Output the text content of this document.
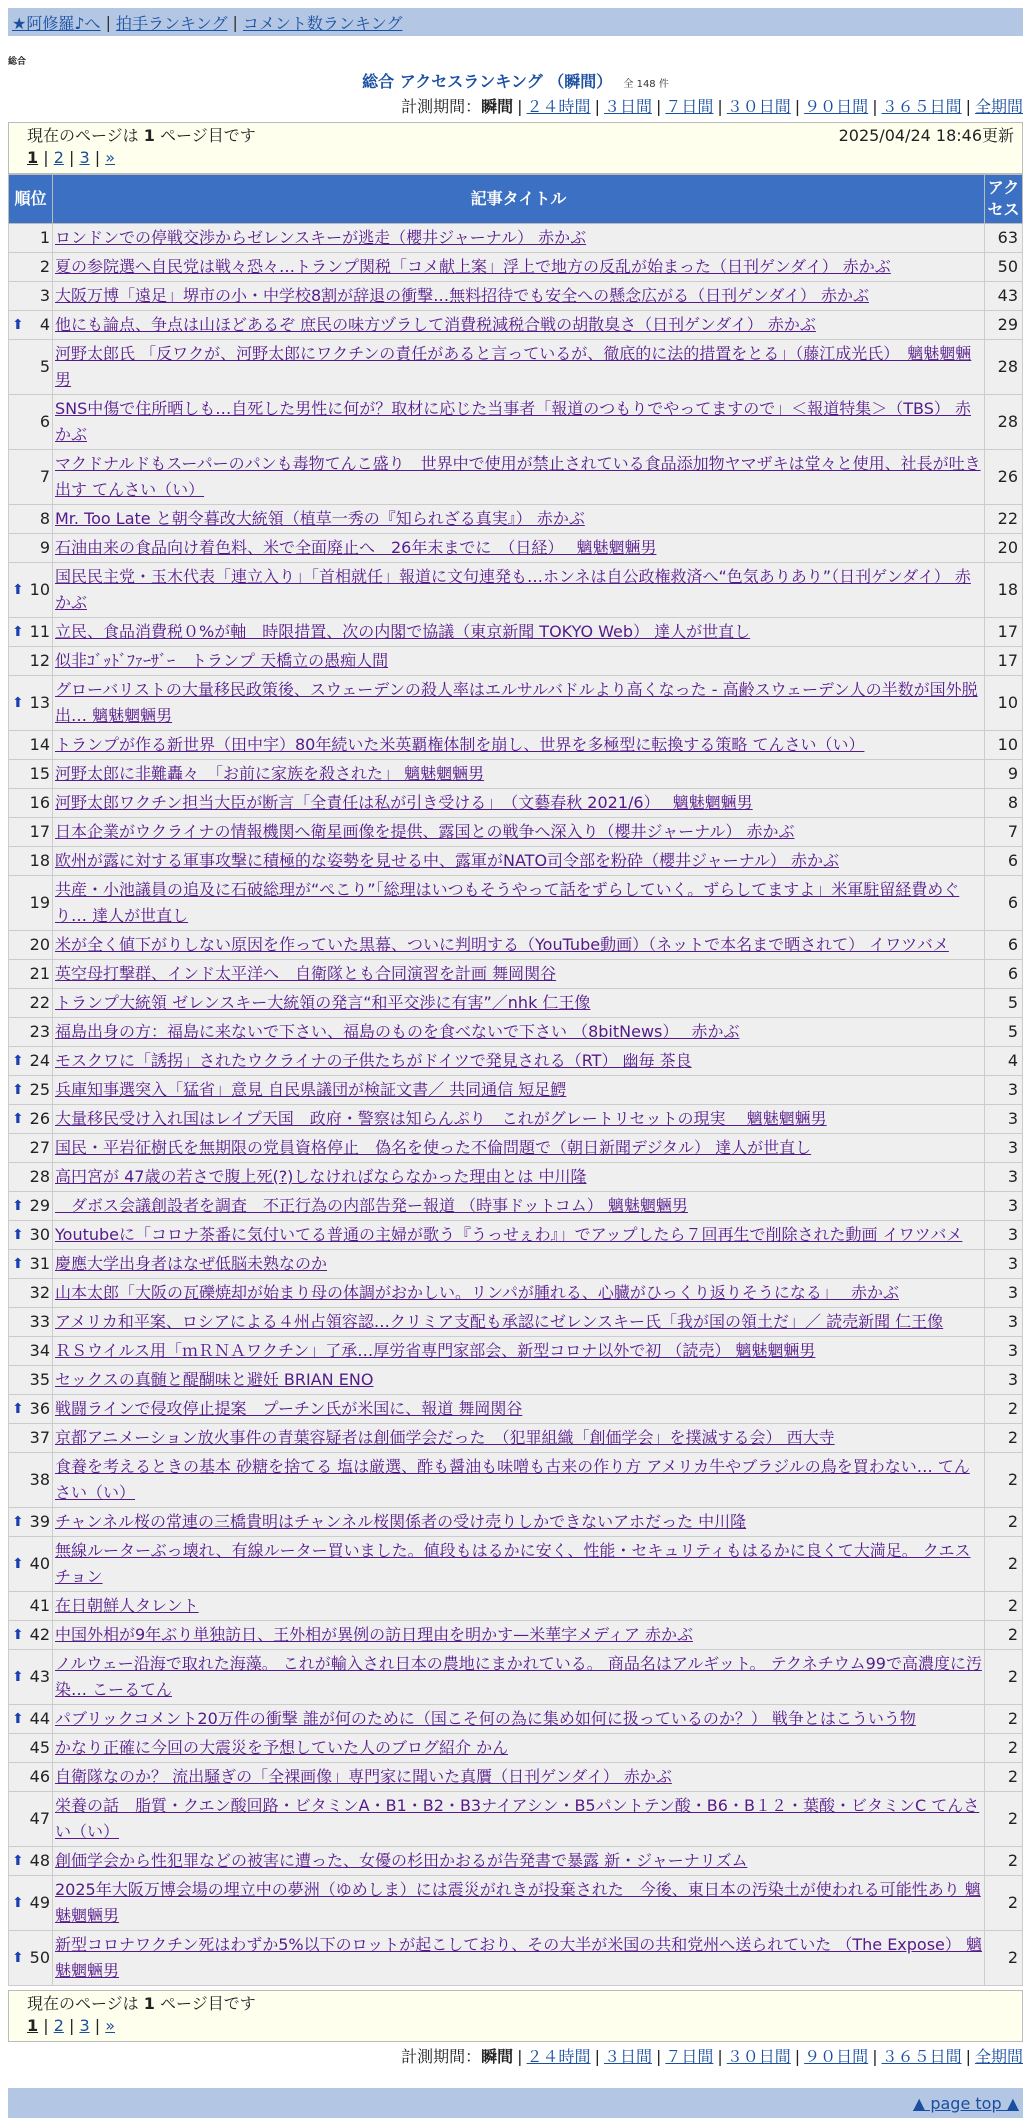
★阿修羅♪へ | 拍手ランキング | コメント数ランキング
総合
総合 アクセスランキング （瞬間） 全 148 件
計測期間：瞬間 | ２４時間 | ３日間 | ７日間 | ３０日間 | ９０日間 | ３６５日間 | 全期間
現在のページは 1 ページ目です	2025/04/24 18:46更新
1 | 2 | 3 | »
順位	記事タイトル	アクセス
1	ロンドンでの停戦交渉からゼレンスキーが逃走（櫻井ジャーナル） 赤かぶ	63
2	夏の参院選へ自民党は戦々恐々…トランプ関税「コメ献上案」浮上で地方の反乱が始まった（日刊ゲンダイ） 赤かぶ	50
3	大阪万博「遠足」堺市の小・中学校8割が辞退の衝撃…無料招待でも安全への懸念広がる（日刊ゲンダイ） 赤かぶ	43

⬆ 4	他にも論点、争点は山ほどあるぞ 庶民の味方ヅラして消費税減税合戦の胡散臭さ（日刊ゲンダイ） 赤かぶ	29
5	河野太郎氏 「反ワクが、河野太郎にワクチンの責任があると言っているが、徹底的に法的措置をとる」（藤江成光氏）　魑魅魍魎男	28
6	SNS中傷で住所晒しも…自死した男性に何が？取材に応じた当事者「報道のつもりでやってますので」＜報道特集＞（TBS） 赤かぶ	28
7	マクドナルドもスーパーのパンも毒物てんこ盛り　世界中で使用が禁止されている食品添加物ヤマザキは堂々と使用、社長が吐き出す てんさい（い）	26
8	Mr. Too Late と朝令暮改大統領（植草一秀の『知られざる真実』） 赤かぶ	22
9	石油由来の食品向け着色料、米で全面廃止へ　26年末までに　（日経）　 魑魅魍魎男	20

⬆ 10	国民民主党・玉木代表「連立入り」「首相就任」報道に文句連発も…ホンネは自公政権救済へ“色気ありあり”（日刊ゲンダイ） 赤かぶ	18

⬆ 11	立民、食品消費税０%が軸　時限措置、次の内閣で協議（東京新聞 TOKYO Web） 達人が世直し	17
12	似非ｺﾞｯﾄﾞﾌｧｰｻﾞｰ　トランプ 天橋立の愚痴人間	17

⬆ 13	グローバリストの大量移民政策後、スウェーデンの殺人率はエルサルバドルより高くなった - 高齢スウェーデン人の半数が国外脱出… 魑魅魍魎男	10
14	トランプが作る新世界（田中宇）80年続いた米英覇権体制を崩し、世界を多極型に転換する策略 てんさい（い）	10
15	河野太郎に非難轟々　「お前に家族を殺された」 魑魅魍魎男	9
16	河野太郎ワクチン担当大臣が断言「全責任は私が引き受ける」　（文藝春秋 2021/6）　 魑魅魍魎男	8
17	日本企業がウクライナの情報機関へ衛星画像を提供、露国との戦争へ深入り（櫻井ジャーナル） 赤かぶ	7
18	欧州が露に対する軍事攻撃に積極的な姿勢を見せる中、露軍がNATO司令部を粉砕（櫻井ジャーナル） 赤かぶ	6
19	共産・小池議員の追及に石破総理が“ぺこり”「総理はいつもそうやって話をずらしていく。ずらしてますよ」米軍駐留経費めぐり… 達人が世直し	6
20	米が全く値下がりしない原因を作っていた黒幕、ついに判明する（YouTube動画）（ネットで本名まで晒されて） イワツバメ	6
21	英空母打撃群、インド太平洋へ　自衛隊とも合同演習を計画 舞岡関谷	6
22	トランプ大統領 ゼレンスキー大統領の発言“和平交渉に有害”／nhk 仁王像	5
23	福島出身の方：福島に来ないで下さい、福島のものを食べないで下さい （8bitNews）　 赤かぶ	5

⬆ 24	モスクワに「誘拐」されたウクライナの子供たちがドイツで発見される（RT） 幽毎 茶良	4

⬆ 25	兵庫知事選突入「猛省」意見 自民県議団が検証文書／ 共同通信 短足鰐	3

⬆ 26	大量移民受け入れ国はレイプ天国　政府・警察は知らんぷり　これがグレートリセットの現実　 魑魅魍魎男	3
27	国民・平岩征樹氏を無期限の党員資格停止　偽名を使った不倫問題で（朝日新聞デジタル） 達人が世直し	3
28	高円宮が 47歳の若さで腹上死(?)しなければならなかった理由とは 中川隆	3

⬆ 29	　ダボス会議創設者を調査　不正行為の内部告発ー報道 （時事ドットコム） 魑魅魍魎男	3

⬆ 30	Youtubeに「コロナ茶番に気付いてる普通の主婦が歌う『うっせぇわ』」でアップしたら７回再生で削除された動画 イワツバメ	3

⬆ 31	慶應大学出身者はなぜ低脳未熟なのか	3
32	山本太郎「大阪の瓦礫焼却が始まり母の体調がおかしい。リンパが腫れる、心臓がひっくり返りそうになる」　 赤かぶ	3
33	アメリカ和平案、ロシアによる４州占領容認…クリミア支配も承認にゼレンスキー氏「我が国の領土だ」／ 読売新聞 仁王像	3
34	ＲＳウイルス用「ｍＲＮＡワクチン」了承…厚労省専門家部会、新型コロナ以外で初 （読売） 魑魅魍魎男	3
35	セックスの真髄と醍醐味と避妊 BRIAN ENO	3

⬆ 36	戦闘ラインで侵攻停止提案　プーチン氏が米国に、報道 舞岡関谷	2
37	京都アニメーション放火事件の青葉容疑者は創価学会だった　（犯罪組織「創価学会」を撲滅する会） 西大寺	2
38	食養を考えるときの基本 砂糖を捨てる 塩は厳選、酢も醤油も味噌も古来の作り方 アメリカ牛やブラジルの鳥を買わない… てんさい（い）	2

⬆ 39	チャンネル桜の常連の三橋貴明はチャンネル桜関係者の受け売りしかできないアホだった 中川隆	2

⬆ 40	無線ルーターぶっ壊れ、有線ルーター買いました。値段もはるかに安く、性能・セキュリティもはるかに良くて大満足。 クエスチョン	2
41	在日朝鮮人タレント	2

⬆ 42	中国外相が9年ぶり単独訪日、王外相が異例の訪日理由を明かす—米華字メディア 赤かぶ	2

⬆ 43	ノルウェー沿海で取れた海藻。 これが輸入され日本の農地にまかれている。 商品名はアルギット。 テクネチウム99で高濃度に汚染… こーるてん	2

⬆ 44	パブリックコメント20万件の衝撃 誰が何のために（国こそ何の為に集め如何に扱っているのか？） 戦争とはこういう物	2
45	かなり正確に今回の大震災を予想していた人のブログ紹介 かん	2
46	自衛隊なのか？ 流出騒ぎの「全裸画像」専門家に聞いた真贋（日刊ゲンダイ） 赤かぶ	2
47	栄養の話　脂質・クエン酸回路・ビタミンA・B1・B2・B3ナイアシン・B5パントテン酸・B6・B１２・葉酸・ビタミンC てんさい（い）	2

⬆ 48	創価学会から性犯罪などの被害に遭った、女優の杉田かおるが告発書で暴露 新・ジャーナリズム	2

⬆ 49	2025年大阪万博会場の埋立中の夢洲（ゆめしま）には震災がれきが投棄された　今後、東日本の汚染土が使われる可能性あり 魑魅魍魎男	2

⬆ 50	新型コロナワクチン死はわずか5%以下のロットが起こしており、その大半が米国の共和党州へ送られていた （The Expose） 魑魅魍魎男	2
現在のページは 1 ページ目です
1 | 2 | 3 | »
計測期間：瞬間 | ２４時間 | ３日間 | ７日間 | ３０日間 | ９０日間 | ３６５日間 | 全期間
▲ page top ▲
